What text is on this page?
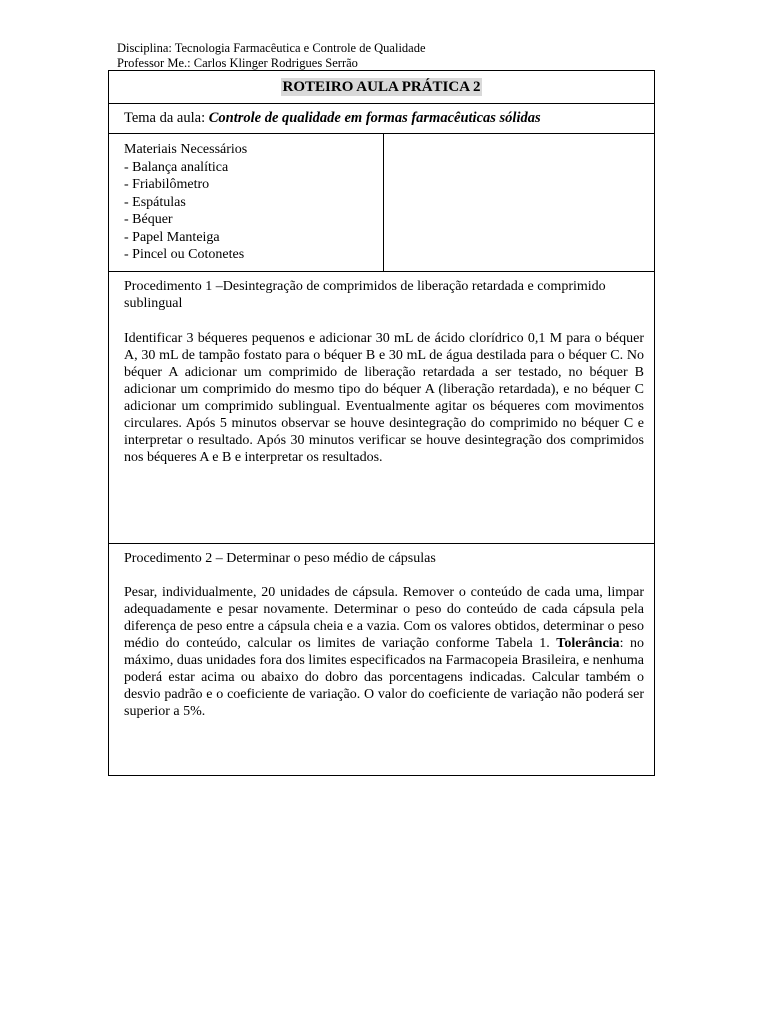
Disciplina: Tecnologia Farmacêutica e Controle de Qualidade
Professor Me.: Carlos Klinger Rodrigues Serrão
ROTEIRO AULA PRÁTICA 2
Tema da aula: Controle de qualidade em formas farmacêuticas sólidas
Materiais Necessários
- Balança analítica
- Friabilômetro
- Espátulas
- Béquer
- Papel Manteiga
- Pincel ou Cotonetes
Procedimento 1 –Desintegração de comprimidos de liberação retardada e comprimido sublingual

Identificar 3 béqueres pequenos e adicionar 30 mL de ácido clorídrico 0,1 M para o béquer A, 30 mL de tampão fostato para o béquer B e 30 mL de água destilada para o béquer C. No béquer A adicionar um comprimido de liberação retardada a ser testado, no béquer B adicionar um comprimido do mesmo tipo do béquer A (liberação retardada), e no béquer C adicionar um comprimido sublingual. Eventualmente agitar os béqueres com movimentos circulares. Após 5 minutos observar se houve desintegração do comprimido no béquer C e interpretar o resultado. Após 30 minutos verificar se houve desintegração dos comprimidos nos béqueres A e B e interpretar os resultados.

Procedimento 2 – Determinar o peso médio de cápsulas

Pesar, individualmente, 20 unidades de cápsula. Remover o conteúdo de cada uma, limpar adequadamente e pesar novamente. Determinar o peso do conteúdo de cada cápsula pela diferença de peso entre a cápsula cheia e a vazia. Com os valores obtidos, determinar o peso médio do conteúdo, calcular os limites de variação conforme Tabela 1. Tolerância: no máximo, duas unidades fora dos limites especificados na Farmacopeia Brasileira, e nenhuma poderá estar acima ou abaixo do dobro das porcentagens indicadas. Calcular também o desvio padrão e o coeficiente de variação. O valor do coeficiente de variação não poderá ser superior a 5%.
